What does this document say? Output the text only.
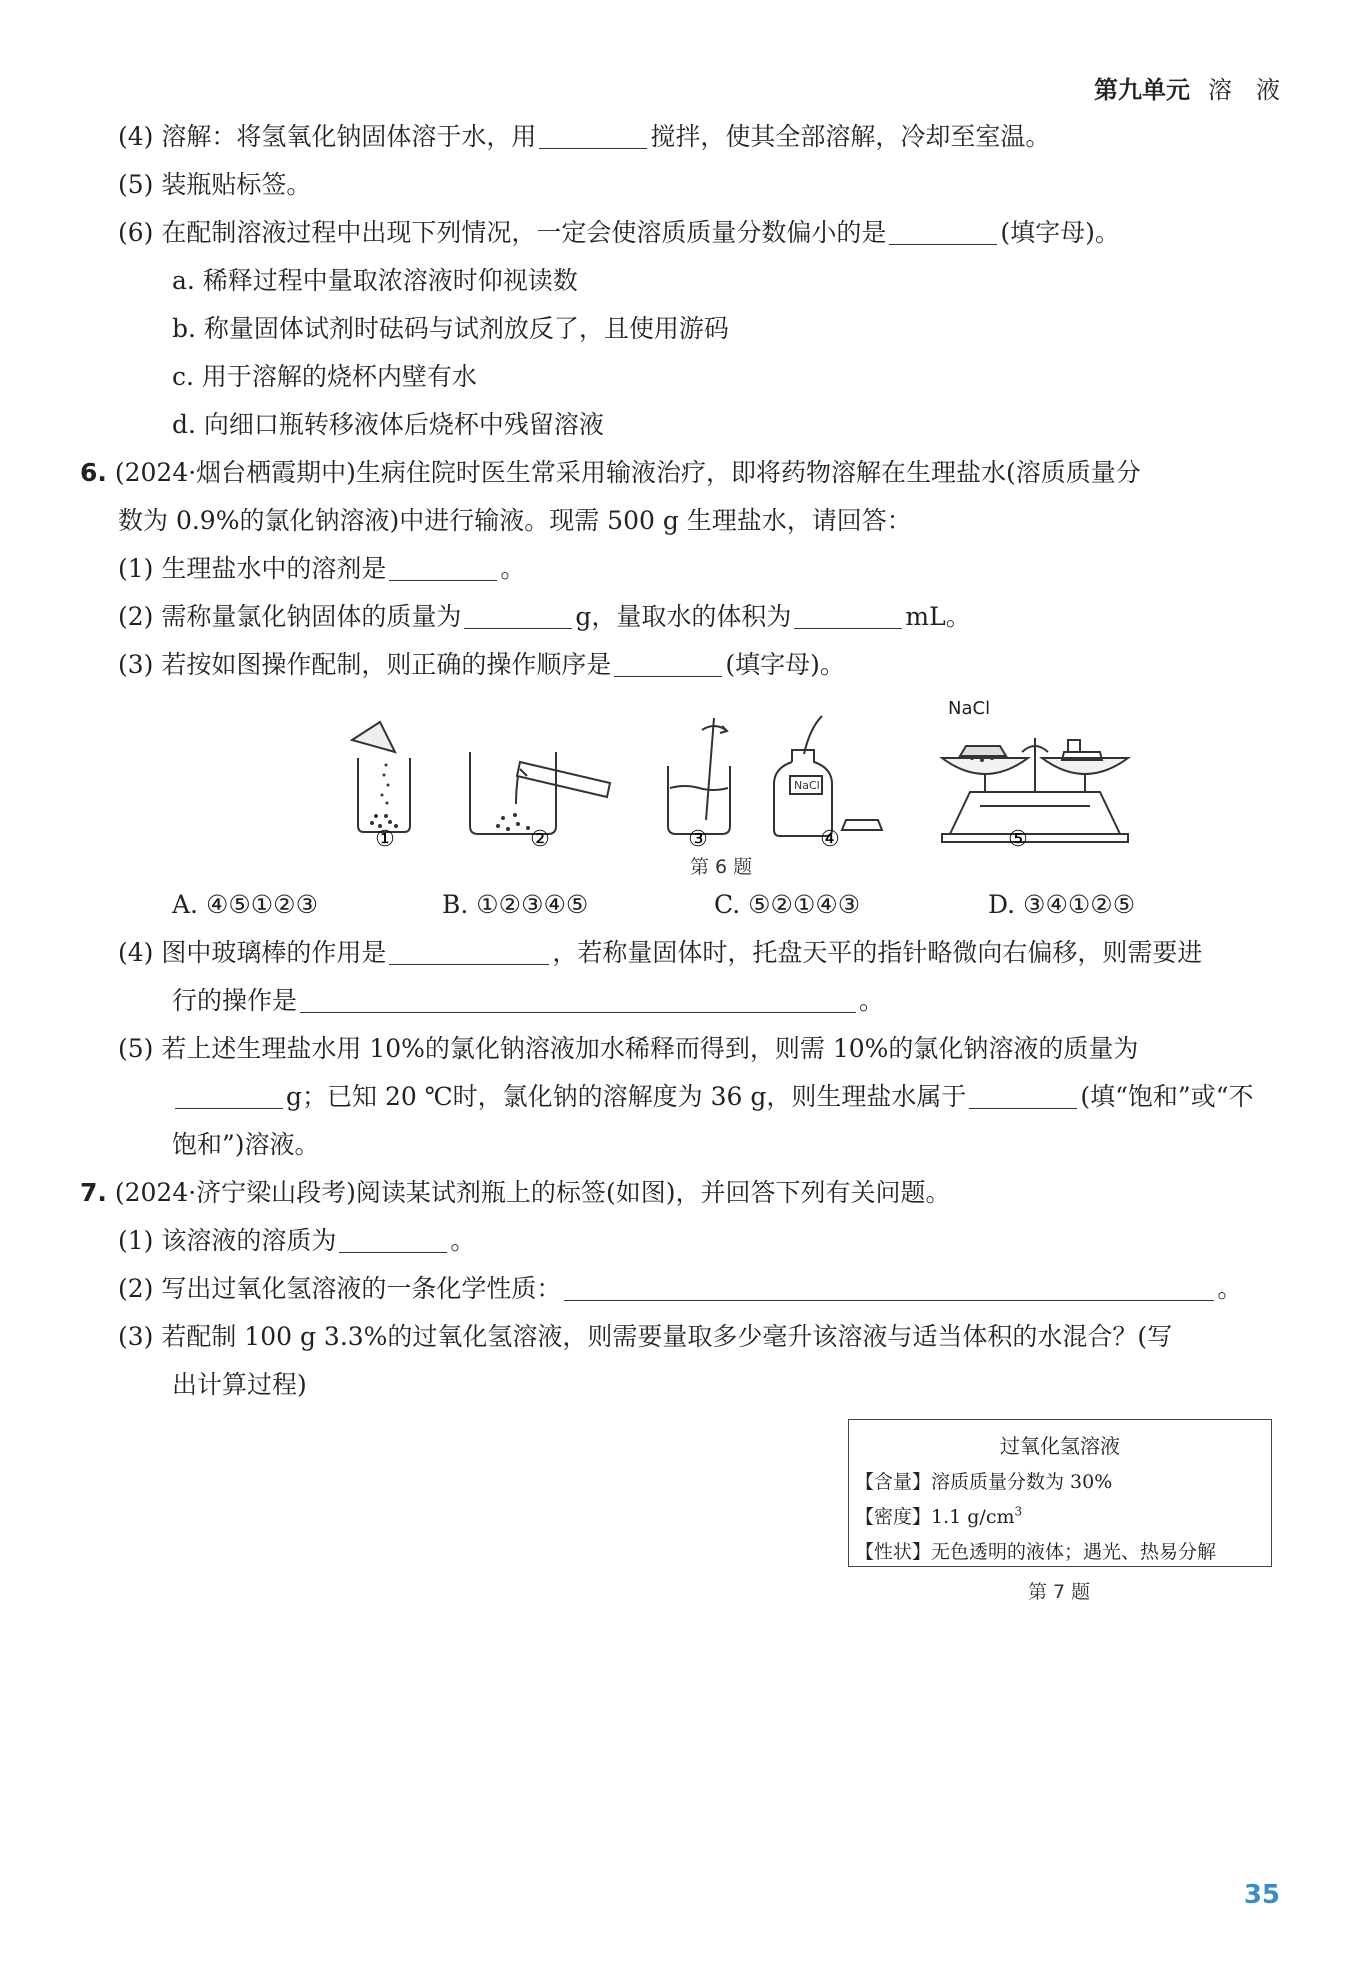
第九单元 溶　液
(4) 溶解：将氢氧化钠固体溶于水，用	搅拌，使其全部溶解，冷却至室温。
(5) 装瓶贴标签。
(6) 在配制溶液过程中出现下列情况，一定会使溶质质量分数偏小的是	(填字母)。
a. 稀释过程中量取浓溶液时仰视读数
b. 称量固体试剂时砝码与试剂放反了，且使用游码
c. 用于溶解的烧杯内壁有水
d. 向细口瓶转移液体后烧杯中残留溶液
6. (2024·烟台栖霞期中)生病住院时医生常采用输液治疗，即将药物溶解在生理盐水(溶质质量分
数为 0.9%的氯化钠溶液)中进行输液。现需 500 g 生理盐水，请回答：
(1) 生理盐水中的溶剂是	。
(2) 需称量氯化钠固体的质量为	g，量取水的体积为	mL。
(3) 若按如图操作配制，则正确的操作顺序是	(填字母)。
NaCl
NaCl
①	②	③	④	⑤
第 6 题
A. ④⑤①②③	B. ①②③④⑤	C. ⑤②①④③	D. ③④①②⑤
(4) 图中玻璃棒的作用是	，若称量固体时，托盘天平的指针略微向右偏移，则需要进
行的操作是	。
(5) 若上述生理盐水用 10%的氯化钠溶液加水稀释而得到，则需 10%的氯化钠溶液的质量为
g；已知 20 ℃时，氯化钠的溶解度为 36 g，则生理盐水属于	(填“饱和”或“不
饱和”)溶液。
7. (2024·济宁梁山段考)阅读某试剂瓶上的标签(如图)，并回答下列有关问题。
(1) 该溶液的溶质为	。
(2) 写出过氧化氢溶液的一条化学性质：	。
(3) 若配制 100 g 3.3%的过氧化氢溶液，则需要量取多少毫升该溶液与适当体积的水混合？(写
出计算过程)
过氧化氢溶液
【含量】溶质质量分数为 30%
【密度】1.1 $g/cm^3$
【性状】无色透明的液体；遇光、热易分解
第 7 题
35
